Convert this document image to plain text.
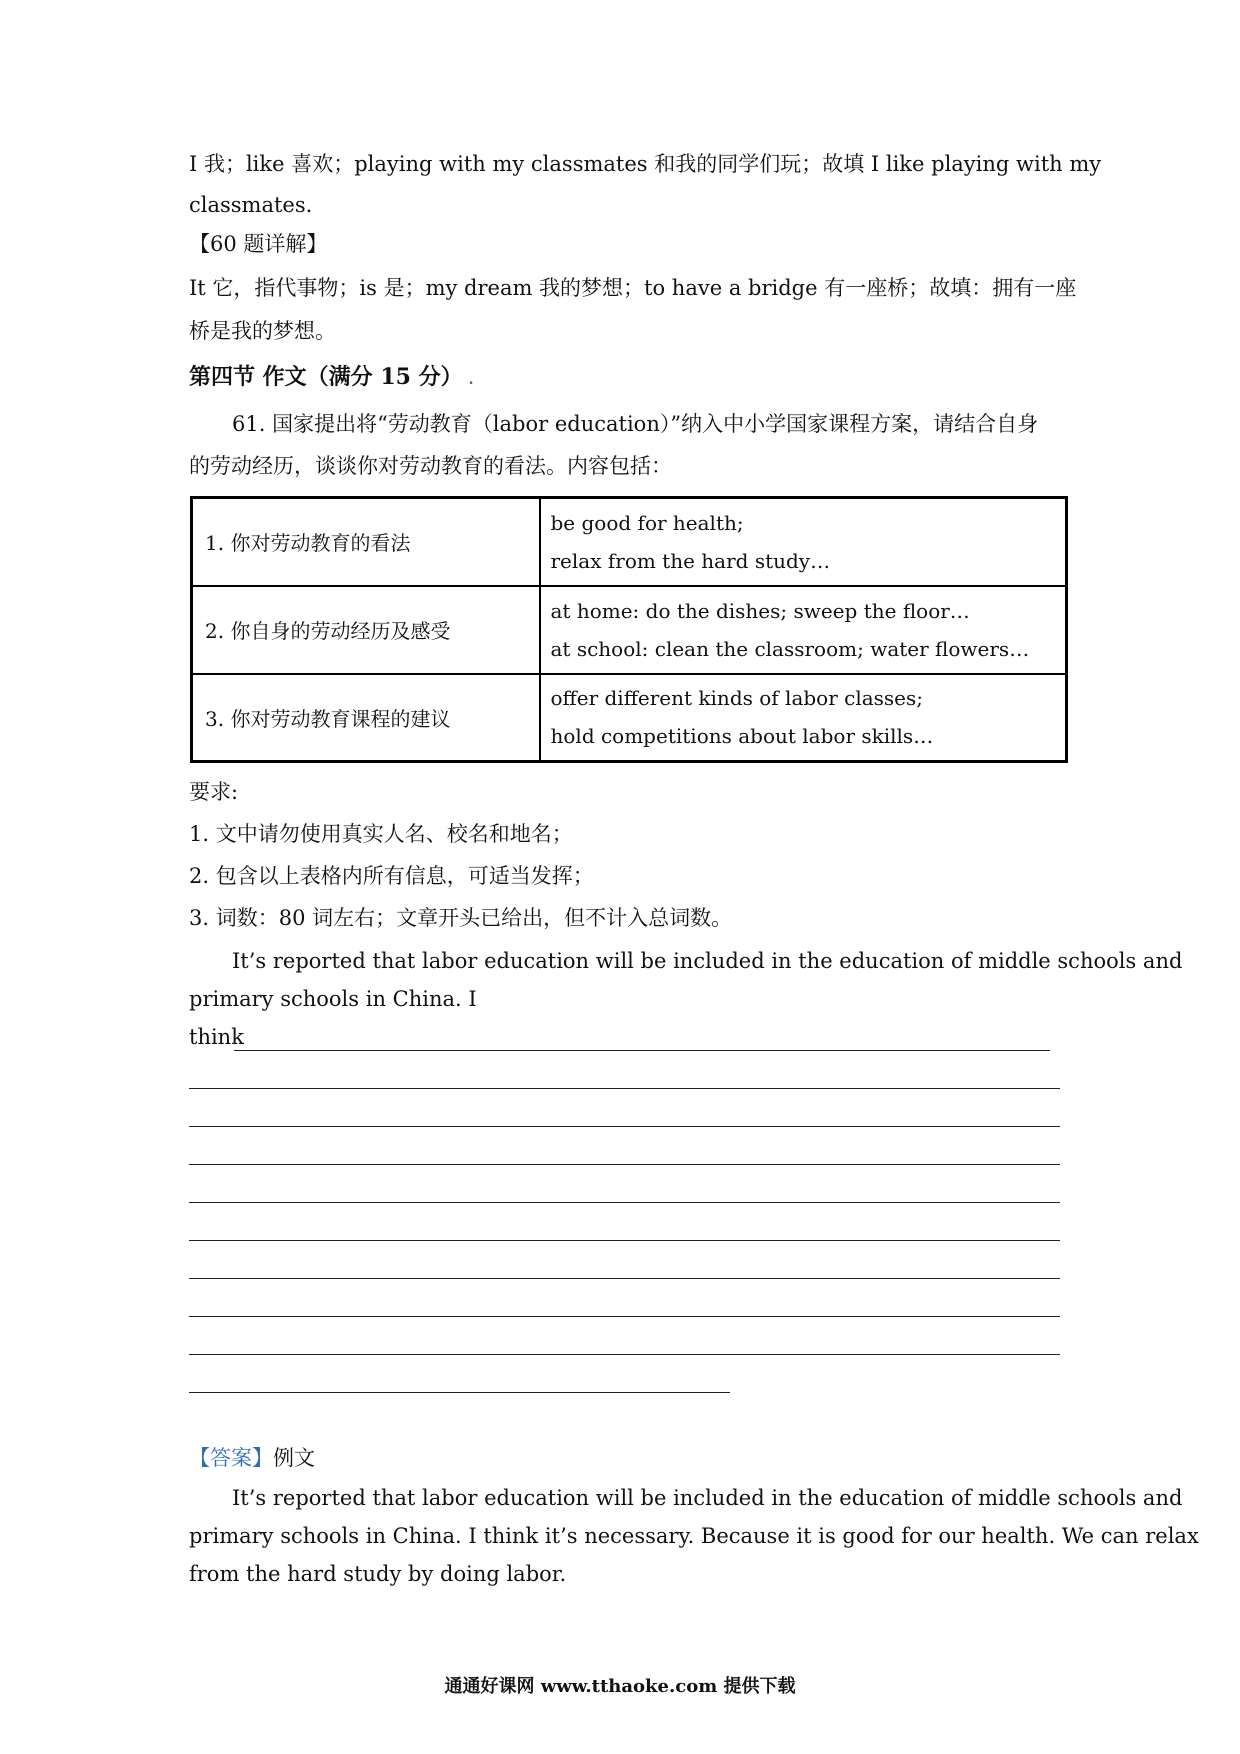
I 我；like 喜欢；playing with my classmates 和我的同学们玩；故填 I like playing with my
classmates.
【60 题详解】
It 它，指代事物；is 是；my dream 我的梦想；to have a bridge 有一座桥；故填：拥有一座
桥是我的梦想。
第四节 作文（满分 15 分） .
61. 国家提出将“劳动教育（labor education）”纳入中小学国家课程方案，请结合自身
的劳动经历，谈谈你对劳动教育的看法。内容包括：
1. 你对劳动教育的看法	be good for health;
relax from the hard study…

2. 你自身的劳动经历及感受	at home: do the dishes; sweep the floor…
at school: clean the classroom; water flowers…

3. 你对劳动教育课程的建议	offer different kinds of labor classes;
hold competitions about labor skills…
要求:
1. 文中请勿使用真实人名、校名和地名；
2. 包含以上表格内所有信息，可适当发挥；
3. 词数：80 词左右；文章开头已给出，但不计入总词数。
It’s reported that labor education will be included in the education of middle schools and
primary schools in China. I
think
【答案】例文
It’s reported that labor education will be included in the education of middle schools and
primary schools in China. I think it’s necessary. Because it is good for our health. We can relax
from the hard study by doing labor.
通通好课网 www.tthaoke.com 提供下载
